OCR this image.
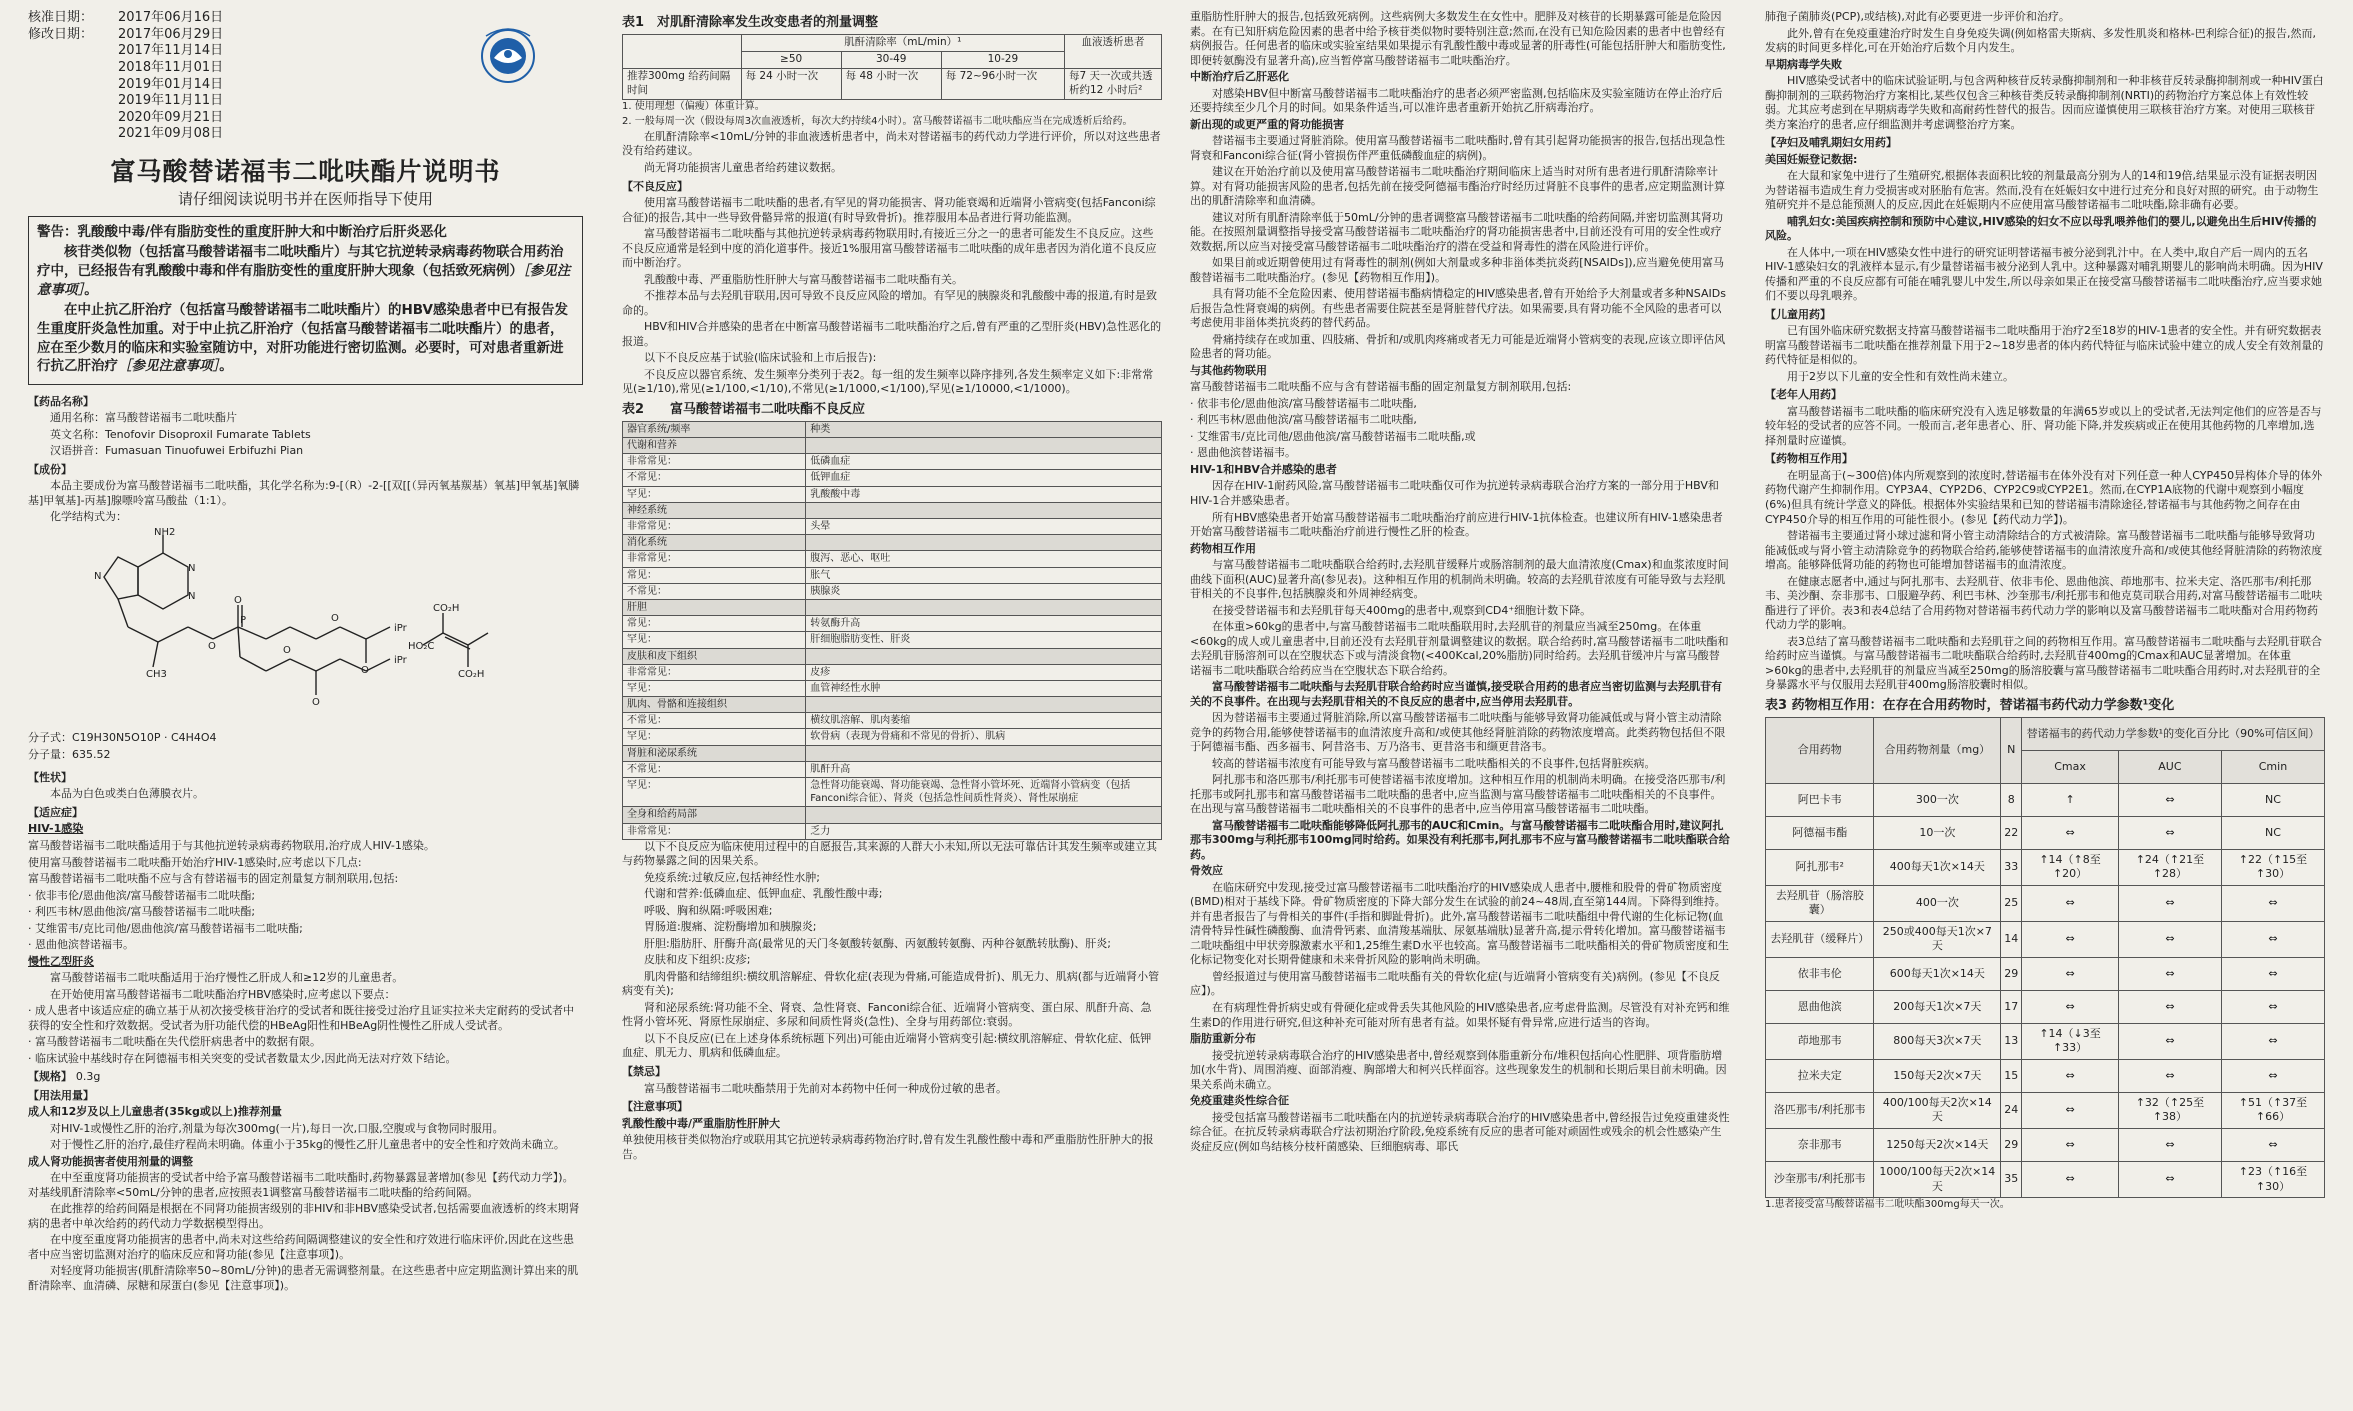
核准日期：	2017年06月16日
修改日期：	2017年06月29日
2017年11月14日
2018年11月01日
2019年01月14日
2019年11月11日
2020年09月21日
2021年09月08日
富马酸替诺福韦二吡呋酯片说明书
请仔细阅读说明书并在医师指导下使用

警告：乳酸酸中毒/伴有脂肪变性的重度肝肿大和中断治疗后肝炎恶化

核苷类似物（包括富马酸替诺福韦二吡呋酯片）与其它抗逆转录病毒药物联合用药治疗中，已经报告有乳酸酸中毒和伴有脂肪变性的重度肝肿大现象（包括致死病例）［参见注意事项］。

在中止抗乙肝治疗（包括富马酸替诺福韦二吡呋酯片）的HBV感染患者中已有报告发生重度肝炎急性加重。对于中止抗乙肝治疗（包括富马酸替诺福韦二吡呋酯片）的患者，应在至少数月的临床和实验室随访中，对肝功能进行密切监测。必要时，可对患者重新进行抗乙肝治疗［参见注意事项］。

【药品名称】

通用名称：富马酸替诺福韦二吡呋酯片

英文名称：Tenofovir Disoproxil Fumarate Tablets

汉语拼音：Fumasuan Tinuofuwei Erbifuzhi Pian

【成份】

本品主要成份为富马酸替诺福韦二吡呋酯，其化学名称为:9-[（R）-2-[[双[[（异丙氧基羰基）氧基]甲氧基]氧膦基]甲氧基]-丙基]腺嘌呤富马酸盐（1:1）。

化学结构式为：

NH2
N
N
N
CH3
O
O
P
O
O
O
O
iPr
iPr
HO₂C
CO₂H
CO₂H

分子式：C19H30N5O10P · C4H4O4

分子量：635.52

【性状】

本品为白色或类白色薄膜衣片。

【适应症】

HIV-1感染

富马酸替诺福韦二吡呋酯适用于与其他抗逆转录病毒药物联用,治疗成人HIV-1感染。

使用富马酸替诺福韦二吡呋酯开始治疗HIV-1感染时,应考虑以下几点:

富马酸替诺福韦二吡呋酯不应与含有替诺福韦的固定剂量复方制剂联用,包括:

· 依非韦伦/恩曲他滨/富马酸替诺福韦二吡呋酯;

· 利匹韦林/恩曲他滨/富马酸替诺福韦二吡呋酯;

· 艾维雷韦/克比司他/恩曲他滨/富马酸替诺福韦二吡呋酯;

· 恩曲他滨替诺福韦。

慢性乙型肝炎

富马酸替诺福韦二吡呋酯适用于治疗慢性乙肝成人和≥12岁的儿童患者。

在开始使用富马酸替诺福韦二吡呋酯治疗HBV感染时,应考虑以下要点：

· 成人患者中该适应症的确立基于从初次接受核苷治疗的受试者和既往接受过治疗且证实拉米夫定耐药的受试者中获得的安全性和疗效数据。受试者为肝功能代偿的HBeAg阳性和HBeAg阴性慢性乙肝成人受试者。

· 富马酸替诺福韦二吡呋酯在失代偿肝病患者中的数据有限。

· 临床试验中基线时存在阿德福韦相关突变的受试者数量太少,因此尚无法对疗效下结论。

【规格】 0.3g

【用法用量】

成人和12岁及以上儿童患者(35kg或以上)推荐剂量

对HIV-1或慢性乙肝的治疗,剂量为每次300mg(一片),每日一次,口服,空腹或与食物同时服用。

对于慢性乙肝的治疗,最佳疗程尚未明确。体重小于35kg的慢性乙肝儿童患者中的安全性和疗效尚未确立。

成人肾功能损害者使用剂量的调整

在中至重度肾功能损害的受试者中给予富马酸替诺福韦二吡呋酯时,药物暴露显著增加(参见【药代动力学】)。对基线肌酐清除率<50mL/分钟的患者,应按照表1调整富马酸替诺福韦二吡呋酯的给药间隔。

在此推荐的给药间隔是根据在不同肾功能损害级别的非HIV和非HBV感染受试者,包括需要血液透析的终末期肾病的患者中单次给药的药代动力学数据模型得出。

在中度至重度肾功能损害的患者中,尚未对这些给药间隔调整建议的安全性和疗效进行临床评价,因此在这些患者中应当密切监测对治疗的临床反应和肾功能(参见【注意事项】)。

对轻度肾功能损害(肌酐清除率50~80mL/分钟)的患者无需调整剂量。在这些患者中应定期监测计算出来的肌酐清除率、血清磷、尿糖和尿蛋白(参见【注意事项】)。

表1　对肌酐清除率发生改变患者的剂量调整
	肌酐清除率（mL/min）¹			血液透析患者
	≥50	30-49	10-29	
推荐300mg 给药间隔时间	每 24 小时一次	每 48 小时一次	每 72~96小时一次	每7 天一次或共透析约12 小时后²

1. 使用理想（偏瘦）体重计算。

2. 一般每周一次（假设每周3次血液透析，每次大约持续4小时）。富马酸替诺福韦二吡呋酯应当在完成透析后给药。

在肌酐清除率<10mL/分钟的非血液透析患者中，尚未对替诺福韦的药代动力学进行评价，所以对这些患者没有给药建议。

尚无肾功能损害儿童患者给药建议数据。

【不良反应】

使用富马酸替诺福韦二吡呋酯的患者,有罕见的肾功能损害、肾功能衰竭和近端肾小管病变(包括Fanconi综合征)的报告,其中一些导致骨骼异常的报道(有时导致骨折)。推荐服用本品者进行肾功能监测。

富马酸替诺福韦二吡呋酯与其他抗逆转录病毒药物联用时,有接近三分之一的患者可能发生不良反应。这些不良反应通常是轻到中度的消化道事件。接近1%服用富马酸替诺福韦二吡呋酯的成年患者因为消化道不良反应而中断治疗。

乳酸酸中毒、严重脂肪性肝肿大与富马酸替诺福韦二吡呋酯有关。

不推荐本品与去羟肌苷联用,因可导致不良反应风险的增加。有罕见的胰腺炎和乳酸酸中毒的报道,有时是致命的。

HBV和HIV合并感染的患者在中断富马酸替诺福韦二吡呋酯治疗之后,曾有严重的乙型肝炎(HBV)急性恶化的报道。

以下不良反应基于试验(临床试验和上市后报告):

不良反应以器官系统、发生频率分类列于表2。每一组的发生频率以降序排列,各发生频率定义如下:非常常见(≥1/10),常见(≥1/100,<1/10),不常见(≥1/1000,<1/100),罕见(≥1/10000,<1/1000)。

表2　　富马酸替诺福韦二吡呋酯不良反应
器官系统/频率	种类
代谢和营养	
非常常见：	低磷血症
不常见：	低钾血症
罕见：	乳酸酸中毒
神经系统	
非常常见：	头晕
消化系统	
非常常见：	腹泻、恶心、呕吐
常见：	胀气
不常见：	胰腺炎
肝胆	
常见：	转氨酶升高
罕见：	肝细胞脂肪变性、肝炎
皮肤和皮下组织	
非常常见：	皮疹
罕见：	血管神经性水肿
肌肉、骨骼和连接组织	
不常见：	横纹肌溶解、肌肉萎缩
罕见：	软骨病（表现为骨痛和不常见的骨折）、肌病
肾脏和泌尿系统	
不常见：	肌酐升高
罕见：	急性肾功能衰竭、肾功能衰竭、急性肾小管坏死、近端肾小管病变（包括Fanconi综合征）、肾炎（包括急性间质性肾炎）、肾性尿崩症
全身和给药局部	
非常常见：	乏力

以下不良反应为临床使用过程中的自愿报告,其来源的人群大小未知,所以无法可靠估计其发生频率或建立其与药物暴露之间的因果关系。

免疫系统:过敏反应,包括神经性水肿;

代谢和营养:低磷血症、低钾血症、乳酸性酸中毒;

呼吸、胸和纵隔:呼吸困难;

胃肠道:腹痛、淀粉酶增加和胰腺炎;

肝胆:脂肪肝、肝酶升高(最常见的天门冬氨酸转氨酶、丙氨酸转氨酶、丙种谷氨酰转肽酶)、肝炎;

皮肤和皮下组织:皮疹;

肌肉骨骼和结缔组织:横纹肌溶解症、骨软化症(表现为骨痛,可能造成骨折)、肌无力、肌病(都与近端肾小管病变有关);

肾和泌尿系统:肾功能不全、肾衰、急性肾衰、Fanconi综合征、近端肾小管病变、蛋白尿、肌酐升高、急性肾小管坏死、肾原性尿崩症、多尿和间质性肾炎(急性)、全身与用药部位:衰弱。

以下不良反应(已在上述身体系统标题下列出)可能由近端肾小管病变引起:横纹肌溶解症、骨软化症、低钾血症、肌无力、肌病和低磷血症。

【禁忌】

富马酸替诺福韦二吡呋酯禁用于先前对本药物中任何一种成份过敏的患者。

【注意事项】

乳酸性酸中毒/严重脂肪性肝肿大

单独使用核苷类似物治疗或联用其它抗逆转录病毒药物治疗时,曾有发生乳酸性酸中毒和严重脂肪性肝肿大的报告。

重脂肪性肝肿大的报告,包括致死病例。这些病例大多数发生在女性中。肥胖及对核苷的长期暴露可能是危险因素。在有已知肝病危险因素的患者中给予核苷类似物时要特别注意;然而,在没有已知危险因素的患者中也曾经有病例报告。任何患者的临床或实验室结果如果提示有乳酸性酸中毒或显著的肝毒性(可能包括肝肿大和脂肪变性,即便转氨酶没有显著升高),应当暂停富马酸替诺福韦二吡呋酯治疗。

中断治疗后乙肝恶化

对感染HBV但中断富马酸替诺福韦二吡呋酯治疗的患者必须严密监测,包括临床及实验室随访在停止治疗后还要持续至少几个月的时间。如果条件适当,可以准许患者重新开始抗乙肝病毒治疗。

新出现的或更严重的肾功能损害

替诺福韦主要通过肾脏消除。使用富马酸替诺福韦二吡呋酯时,曾有其引起肾功能损害的报告,包括出现急性肾衰和Fanconi综合征(肾小管损伤伴严重低磷酸血症的病例)。

建议在开始治疗前以及使用富马酸替诺福韦二吡呋酯治疗期间临床上适当时对所有患者进行肌酐清除率计算。对有肾功能损害风险的患者,包括先前在接受阿德福韦酯治疗时经历过肾脏不良事件的患者,应定期监测计算出的肌酐清除率和血清磷。

建议对所有肌酐清除率低于50mL/分钟的患者调整富马酸替诺福韦二吡呋酯的给药间隔,并密切监测其肾功能。在按照剂量调整指导接受富马酸替诺福韦二吡呋酯治疗的肾功能损害患者中,目前还没有可用的安全性或疗效数据,所以应当对接受富马酸替诺福韦二吡呋酯治疗的潜在受益和肾毒性的潜在风险进行评价。

如果目前或近期曾使用过有肾毒性的制剂(例如大剂量或多种非甾体类抗炎药[NSAIDs]),应当避免使用富马酸替诺福韦二吡呋酯治疗。(参见【药物相互作用】)。

具有肾功能不全危险因素、使用替诺福韦酯病情稳定的HIV感染患者,曾有开始给予大剂量或者多种NSAIDs后报告急性肾衰竭的病例。有些患者需要住院甚至是肾脏替代疗法。如果需要,具有肾功能不全风险的患者可以考虑使用非甾体类抗炎药的替代药品。

骨痛持续存在或加重、四肢痛、骨折和/或肌肉疼痛或者无力可能是近端肾小管病变的表现,应该立即评估风险患者的肾功能。

与其他药物联用

富马酸替诺福韦二吡呋酯不应与含有替诺福韦酯的固定剂量复方制剂联用,包括:

· 依非韦伦/恩曲他滨/富马酸替诺福韦二吡呋酯,

· 利匹韦林/恩曲他滨/富马酸替诺福韦二吡呋酯,

· 艾维雷韦/克比司他/恩曲他滨/富马酸替诺福韦二吡呋酯,或

· 恩曲他滨替诺福韦。

HIV-1和HBV合并感染的患者

因存在HIV-1耐药风险,富马酸替诺福韦二吡呋酯仅可作为抗逆转录病毒联合治疗方案的一部分用于HBV和HIV-1合并感染患者。

所有HBV感染患者开始富马酸替诺福韦二吡呋酯治疗前应进行HIV-1抗体检查。也建议所有HIV-1感染患者开始富马酸替诺福韦二吡呋酯治疗前进行慢性乙肝的检查。

药物相互作用

与富马酸替诺福韦二吡呋酯联合给药时,去羟肌苷缓释片或肠溶制剂的最大血清浓度(Cmax)和血浆浓度时间曲线下面积(AUC)显著升高(参见表)。这种相互作用的机制尚未明确。较高的去羟肌苷浓度有可能导致与去羟肌苷相关的不良事件,包括胰腺炎和外周神经病变。

在接受替诺福韦和去羟肌苷每天400mg的患者中,观察到CD4⁺细胞计数下降。

在体重>60kg的患者中,与富马酸替诺福韦二吡呋酯联用时,去羟肌苷的剂量应当减至250mg。在体重<60kg的成人或儿童患者中,目前还没有去羟肌苷剂量调整建议的数据。联合给药时,富马酸替诺福韦二吡呋酯和去羟肌苷肠溶剂可以在空腹状态下或与清淡食物(<400Kcal,20%脂肪)同时给药。去羟肌苷缓冲片与富马酸替诺福韦二吡呋酯联合给药应当在空腹状态下联合给药。

富马酸替诺福韦二吡呋酯与去羟肌苷联合给药时应当谨慎,接受联合用药的患者应当密切监测与去羟肌苷有关的不良事件。在出现与去羟肌苷相关的不良反应的患者中,应当停用去羟肌苷。

因为替诺福韦主要通过肾脏消除,所以富马酸替诺福韦二吡呋酯与能够导致肾功能减低或与肾小管主动清除竞争的药物合用,能够使替诺福韦的血清浓度升高和/或使其他经肾脏消除的药物浓度增高。此类药物包括但不限于阿德福韦酯、西多福韦、阿昔洛韦、万乃洛韦、更昔洛韦和缬更昔洛韦。

较高的替诺福韦浓度有可能导致与富马酸替诺福韦二吡呋酯相关的不良事件,包括肾脏疾病。

阿扎那韦和洛匹那韦/利托那韦可使替诺福韦浓度增加。这种相互作用的机制尚未明确。在接受洛匹那韦/利托那韦或阿扎那韦和富马酸替诺福韦二吡呋酯的患者中,应当监测与富马酸替诺福韦二吡呋酯相关的不良事件。在出现与富马酸替诺福韦二吡呋酯相关的不良事件的患者中,应当停用富马酸替诺福韦二吡呋酯。

富马酸替诺福韦二吡呋酯能够降低阿扎那韦的AUC和Cmin。与富马酸替诺福韦二吡呋酯合用时,建议阿扎那韦300mg与利托那韦100mg同时给药。如果没有利托那韦,阿扎那韦不应与富马酸替诺福韦二吡呋酯联合给药。

骨效应

在临床研究中发现,接受过富马酸替诺福韦二吡呋酯治疗的HIV感染成人患者中,腰椎和股骨的骨矿物质密度(BMD)相对于基线下降。骨矿物质密度的下降大部分发生在试验的前24~48周,直至第144周。下降得到维持。并有患者报告了与骨相关的事件(手指和脚趾骨折)。此外,富马酸替诺福韦二吡呋酯组中骨代谢的生化标记物(血清骨特异性碱性磷酸酶、血清骨钙素、血清羧基端肽、尿氨基端肽)显著升高,提示骨转化增加。富马酸替诺福韦二吡呋酯组中甲状旁腺激素水平和1,25维生素D水平也较高。富马酸替诺福韦二吡呋酯相关的骨矿物质密度和生化标记物变化对长期骨健康和未来骨折风险的影响尚未明确。

曾经报道过与使用富马酸替诺福韦二吡呋酯有关的骨软化症(与近端肾小管病变有关)病例。(参见【不良反应】)。

在有病理性骨折病史或有骨硬化症或骨丢失其他风险的HIV感染患者,应考虑骨监测。尽管没有对补充钙和维生素D的作用进行研究,但这种补充可能对所有患者有益。如果怀疑有骨异常,应进行适当的咨询。

脂肪重新分布

接受抗逆转录病毒联合治疗的HIV感染患者中,曾经观察到体脂重新分布/堆积包括向心性肥胖、项背脂肪增加(水牛背)、周围消瘦、面部消瘦、胸部增大和柯兴氏样面容。这些现象发生的机制和长期后果目前未明确。因果关系尚未确立。

免疫重建炎性综合征

接受包括富马酸替诺福韦二吡呋酯在内的抗逆转录病毒联合治疗的HIV感染患者中,曾经报告过免疫重建炎性综合征。在抗反转录病毒联合疗法初期治疗阶段,免疫系统有反应的患者可能对顽固性或残余的机会性感染产生炎症反应(例如鸟结核分枝杆菌感染、巨细胞病毒、耶氏

肺孢子菌肺炎(PCP),或结核),对此有必要更进一步评价和治疗。

此外,曾有在免疫重建治疗时发生自身免疫失调(例如格雷夫斯病、多发性肌炎和格林-巴利综合征)的报告,然而,发病的时间更多样化,可在开始治疗后数个月内发生。

早期病毒学失败

HIV感染受试者中的临床试验证明,与包含两种核苷反转录酶抑制剂和一种非核苷反转录酶抑制剂或一种HIV蛋白酶抑制剂的三联药物治疗方案相比,某些仅包含三种核苷类反转录酶抑制剂(NRTI)的药物治疗方案总体上有效性较弱。尤其应考虑到在早期病毒学失败和高耐药性替代的报告。因而应谨慎使用三联核苷治疗方案。对使用三联核苷类方案治疗的患者,应仔细监测并考虑调整治疗方案。

【孕妇及哺乳期妇女用药】

美国妊娠登记数据:

在大鼠和家兔中进行了生殖研究,根据体表面积比较的剂量最高分别为人的14和19倍,结果显示没有证据表明因为替诺福韦造成生育力受损害或对胚胎有危害。然而,没有在妊娠妇女中进行过充分和良好对照的研究。由于动物生殖研究并不是总能预测人的反应,因此在妊娠期内不应使用富马酸替诺福韦二吡呋酯,除非确有必要。

哺乳妇女:美国疾病控制和预防中心建议,HIV感染的妇女不应以母乳喂养他们的婴儿,以避免出生后HIV传播的风险。

在人体中,一项在HIV感染女性中进行的研究证明替诺福韦被分泌到乳汁中。在人类中,取自产后一周内的五名HIV-1感染妇女的乳液样本显示,有少量替诺福韦被分泌到人乳中。这种暴露对哺乳期婴儿的影响尚未明确。因为HIV传播和严重的不良反应都有可能在哺乳婴儿中发生,所以母亲如果正在接受富马酸替诺福韦二吡呋酯治疗,应当要求她们不要以母乳喂养。

【儿童用药】

已有国外临床研究数据支持富马酸替诺福韦二吡呋酯用于治疗2至18岁的HIV-1患者的安全性。并有研究数据表明富马酸替诺福韦二吡呋酯在推荐剂量下用于2~18岁患者的体内药代特征与临床试验中建立的成人安全有效剂量的药代特征是相似的。

用于2岁以下儿童的安全性和有效性尚未建立。

【老年人用药】

富马酸替诺福韦二吡呋酯的临床研究没有入选足够数量的年满65岁或以上的受试者,无法判定他们的应答是否与较年轻的受试者的应答不同。一般而言,老年患者心、肝、肾功能下降,并发疾病或正在使用其他药物的几率增加,选择剂量时应谨慎。

【药物相互作用】

在明显高于(~300倍)体内所观察到的浓度时,替诺福韦在体外没有对下列任意一种人CYP450异构体介导的体外药物代谢产生抑制作用。CYP3A4、CYP2D6、CYP2C9或CYP2E1。然而,在CYP1A底物的代谢中观察到小幅度(6%)但具有统计学意义的降低。根据体外实验结果和已知的替诺福韦清除途径,替诺福韦与其他药物之间存在由CYP450介导的相互作用的可能性很小。(参见【药代动力学】)。

替诺福韦主要通过肾小球过滤和肾小管主动清除结合的方式被清除。富马酸替诺福韦二吡呋酯与能够导致肾功能减低或与肾小管主动清除竞争的药物联合给药,能够使替诺福韦的血清浓度升高和/或使其他经肾脏清除的药物浓度增高。能够降低肾功能的药物也可能增加替诺福韦的血清浓度。

在健康志愿者中,通过与阿扎那韦、去羟肌苷、依非韦伦、恩曲他滨、茚地那韦、拉米夫定、洛匹那韦/利托那韦、美沙酮、奈非那韦、口服避孕药、利巴韦林、沙奎那韦/利托那韦和他克莫司联合用药,对富马酸替诺福韦二吡呋酯进行了评价。表3和表4总结了合用药物对替诺福韦药代动力学的影响以及富马酸替诺福韦二吡呋酯对合用药物药代动力学的影响。

表3总结了富马酸替诺福韦二吡呋酯和去羟肌苷之间的药物相互作用。富马酸替诺福韦二吡呋酯与去羟肌苷联合给药时应当谨慎。与富马酸替诺福韦二吡呋酯联合给药时,去羟肌苷400mg的Cmax和AUC显著增加。在体重>60kg的患者中,去羟肌苷的剂量应当减至250mg的肠溶胶囊与富马酸替诺福韦二吡呋酯合用药时,对去羟肌苷的全身暴露水平与仅服用去羟肌苷400mg肠溶胶囊时相似。

表3 药物相互作用：在存在合用药物时，替诺福韦药代动力学参数¹变化
合用药物	合用药物剂量（mg）	N	替诺福韦的药代动力学参数¹的变化百分比（90%可信区间）		
			Cmax	AUC	Cmin
阿巴卡韦	300一次	8	↑	⇔	NC
阿德福韦酯	10一次	22	⇔	⇔	NC
阿扎那韦²	400每天1次×14天	33	↑14（↑8至↑20）	↑24（↑21至↑28）	↑22（↑15至↑30）
去羟肌苷（肠溶胶囊）	400一次	25	⇔	⇔	⇔
去羟肌苷（缓释片）	250或400每天1次×7天	14	⇔	⇔	⇔
依非韦伦	600每天1次×14天	29	⇔	⇔	⇔
恩曲他滨	200每天1次×7天	17	⇔	⇔	⇔
茚地那韦	800每天3次×7天	13	↑14（↓3至↑33）	⇔	⇔
拉米夫定	150每天2次×7天	15	⇔	⇔	⇔
洛匹那韦/利托那韦	400/100每天2次×14天	24	⇔	↑32（↑25至↑38）	↑51（↑37至↑66）
奈非那韦	1250每天2次×14天	29	⇔	⇔	⇔
沙奎那韦/利托那韦	1000/100每天2次×14天	35	⇔	⇔	↑23（↑16至↑30）

1.患者接受富马酸替诺福韦二吡呋酯300mg每天一次。
